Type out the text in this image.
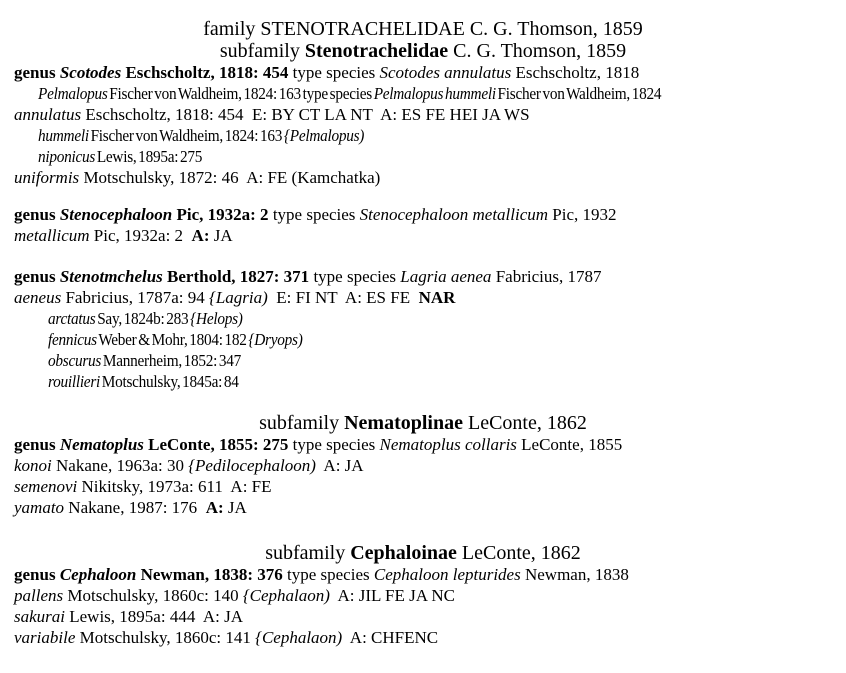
family STENOTRACHELIDAE C. G. Thomson, 1859
subfamily Stenotrachelidae C. G. Thomson, 1859
genus Scotodes Eschscholtz, 1818: 454 type species Scotodes annulatus Eschscholtz, 1818
Pelmalopus Fischer von Waldheim, 1824: 163 type species Pelmalopus hummeli Fischer von Waldheim, 1824
annulatus Eschscholtz, 1818: 454  E: BY CT LA NT  A: ES FE HEI JA WS
hummeli Fischer von Waldheim, 1824: 163 {Pelmalopus)
niponicus Lewis, 1895a: 275
uniformis Motschulsky, 1872: 46  A: FE (Kamchatka)
genus Stenocephaloon Pic, 1932a: 2 type species Stenocephaloon metallicum Pic, 1932
metallicum Pic, 1932a: 2  A: JA
genus Stenotmchelus Berthold, 1827: 371 type species Lagria aenea Fabricius, 1787
aeneus Fabricius, 1787a: 94 {Lagria)  E: FI NT  A: ES FE  NAR
arctatus Say, 1824b: 283 {Helops)
fennicus Weber & Mohr, 1804: 182 {Dryops)
obscurus Mannerheim, 1852: 347
rouillieri Motschulsky, 1845a: 84
subfamily Nematoplinae LeConte, 1862
genus Nematoplus LeConte, 1855: 275 type species Nematoplus collaris LeConte, 1855
konoi Nakane, 1963a: 30 {Pedilocephaloon)  A: JA
semenovi Nikitsky, 1973a: 611  A: FE
yamato Nakane, 1987: 176  A: JA
subfamily Cephaloinae LeConte, 1862
genus Cephaloon Newman, 1838: 376 type species Cephaloon lepturides Newman, 1838
pallens Motschulsky, 1860c: 140 {Cephalaon)  A: JIL FE JA NC
sakurai Lewis, 1895a: 444  A: JA
variabile Motschulsky, 1860c: 141 {Cephalaon)  A: CHFENC
